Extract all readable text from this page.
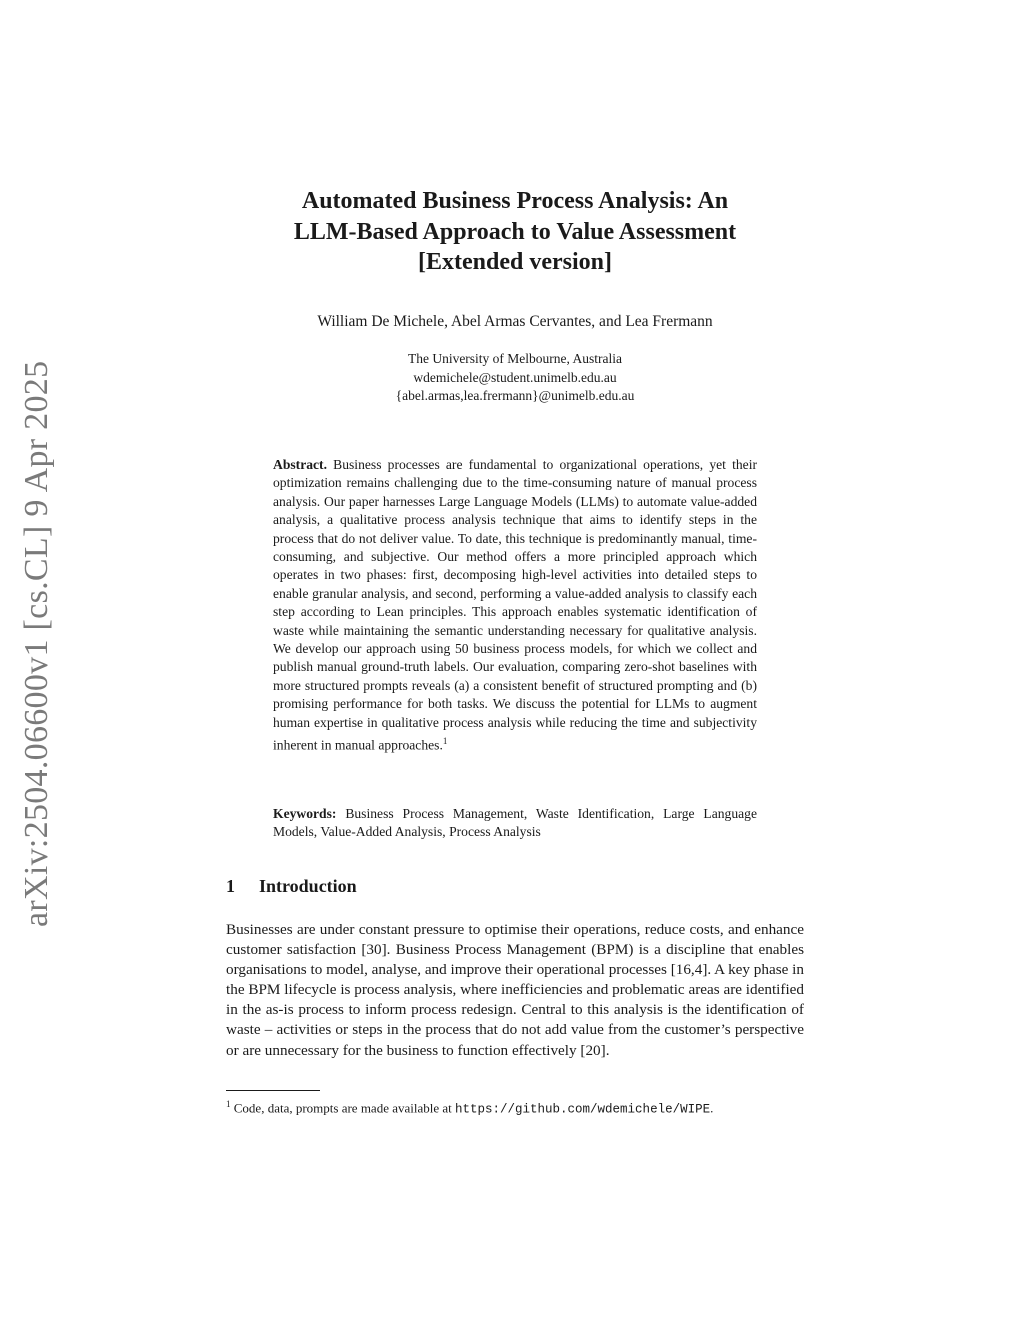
arXiv:2504.06600v1 [cs.CL] 9 Apr 2025
Automated Business Process Analysis: An
LLM-Based Approach to Value Assessment
[Extended version]
William De Michele, Abel Armas Cervantes, and Lea Frermann
The University of Melbourne, Australia
wdemichele@student.unimelb.edu.au
{abel.armas,lea.frermann}@unimelb.edu.au
Abstract. Business processes are fundamental to organizational operations, yet their optimization remains challenging due to the time-consuming nature of manual process analysis. Our paper harnesses Large Language Models (LLMs) to automate value-added analysis, a qualitative process analysis technique that aims to identify steps in the process that do not deliver value. To date, this technique is predominantly manual, time-consuming, and subjective. Our method offers a more principled approach which operates in two phases: first, decomposing high-level activities into detailed steps to enable granular analysis, and second, performing a value-added analysis to classify each step according to Lean principles. This approach enables systematic identification of waste while maintaining the semantic understanding necessary for qualitative analysis. We develop our approach using 50 business process models, for which we collect and publish manual ground-truth labels. Our evaluation, comparing zero-shot baselines with more structured prompts reveals (a) a consistent benefit of structured prompting and (b) promising performance for both tasks. We discuss the potential for LLMs to augment human expertise in qualitative process analysis while reducing the time and subjectivity inherent in manual approaches.$^1$
Keywords: Business Process Management, Waste Identification, Large Language Models, Value-Added Analysis, Process Analysis
1 Introduction
Businesses are under constant pressure to optimise their operations, reduce costs, and enhance customer satisfaction [30]. Business Process Management (BPM) is a discipline that enables organisations to model, analyse, and improve their operational processes [16,4]. A key phase in the BPM lifecycle is process analysis, where inefficiencies and problematic areas are identified in the as-is process to inform process redesign. Central to this analysis is the identification of waste – activities or steps in the process that do not add value from the customer’s perspective or are unnecessary for the business to function effectively [20].
$^1$ Code, data, prompts are made available at https://github.com/wdemichele/WIPE.
